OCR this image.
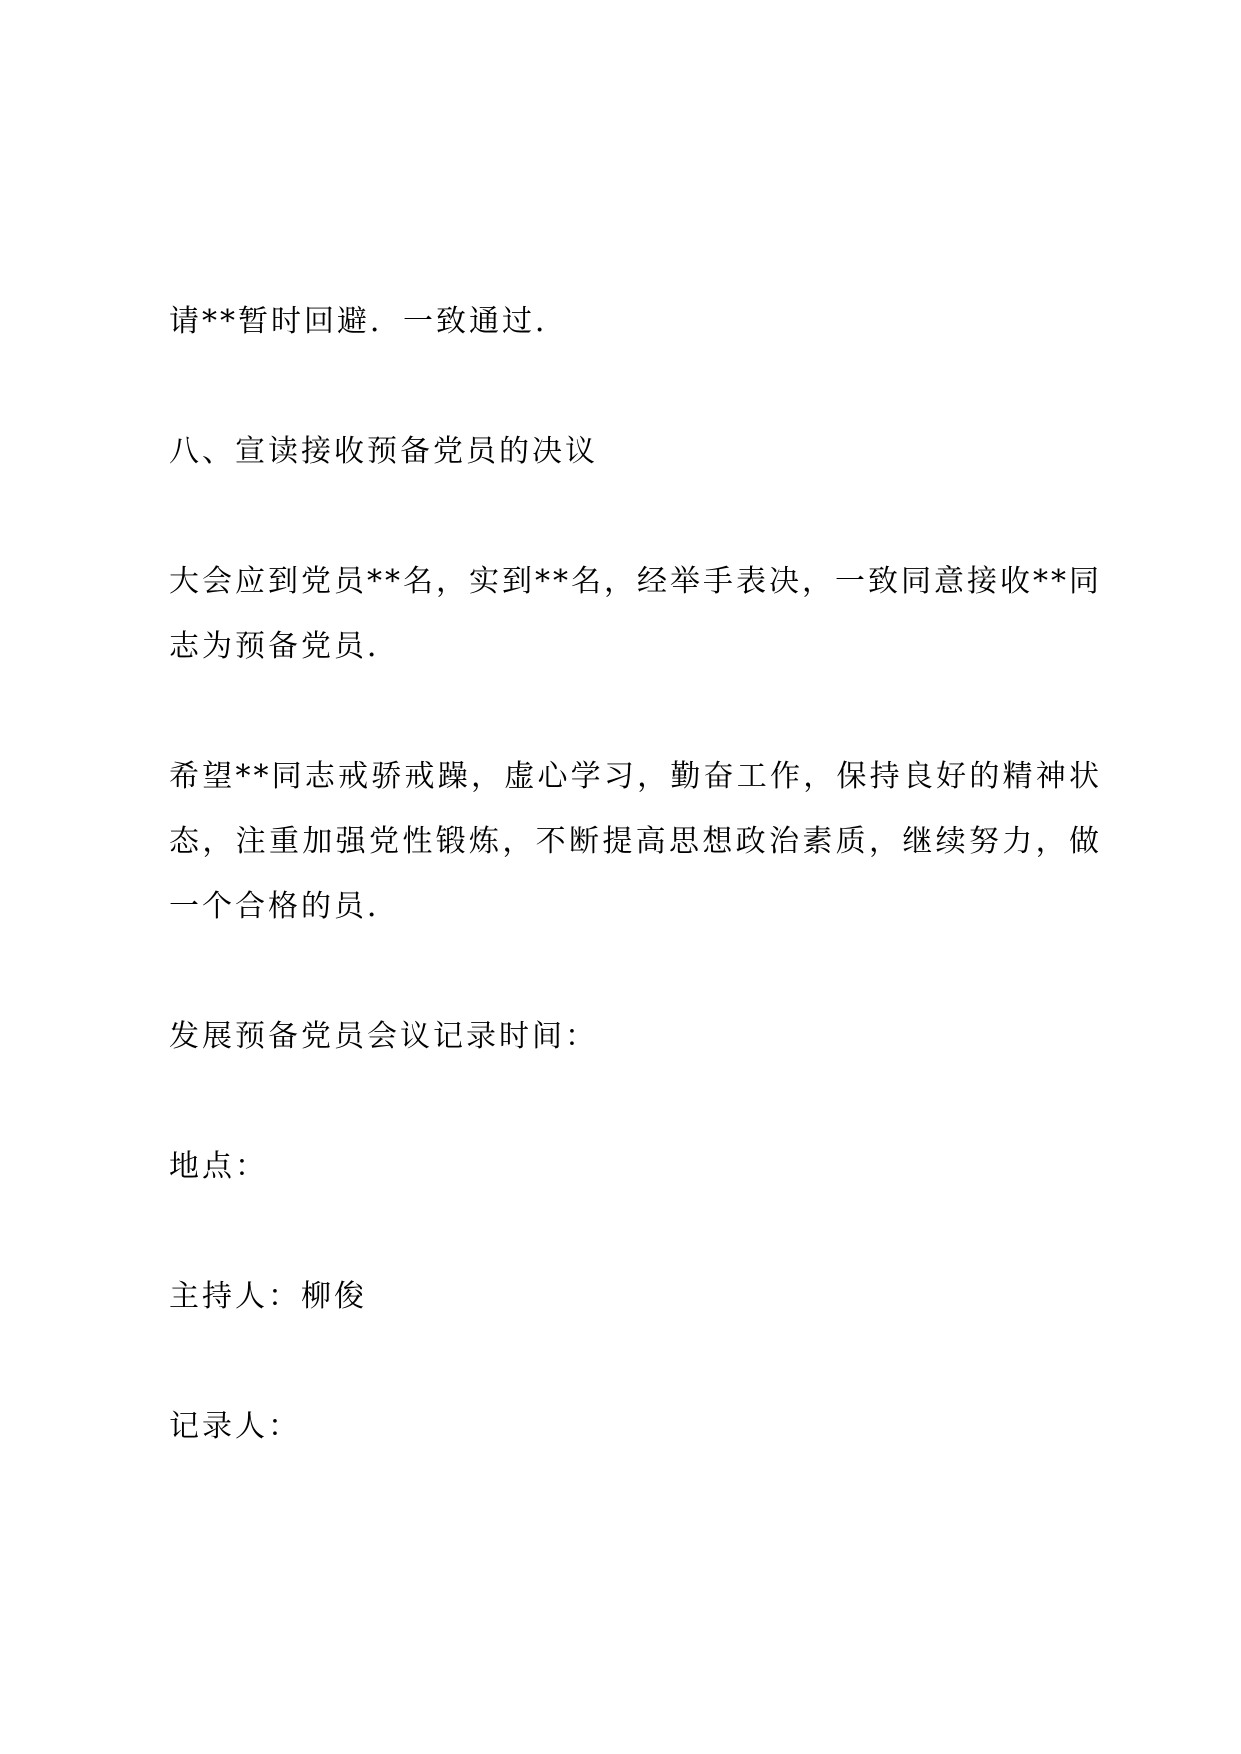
请**暂时回避．一致通过．
八、宣读接收预备党员的决议
大会应到党员**名，实到**名，经举手表决，一致同意接收**同
志为预备党员．
希望**同志戒骄戒躁，虚心学习，勤奋工作，保持良好的精神状
态，注重加强党性锻炼，不断提高思想政治素质，继续努力，做
一个合格的员．
发展预备党员会议记录时间：
地点：
主持人：柳俊
记录人：
